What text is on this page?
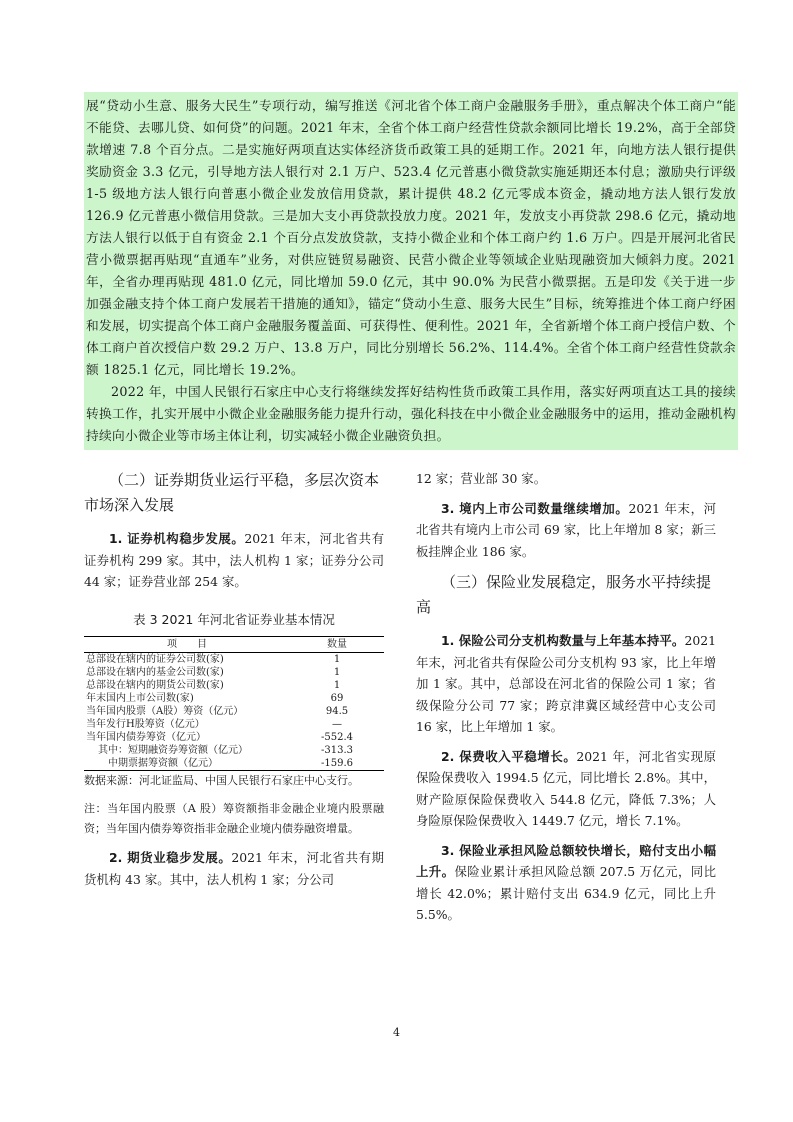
展“贷动小生意、服务大民生”专项行动，编写推送《河北省个体工商户金融服务手册》，重点解决个体工商户“能不能贷、去哪儿贷、如何贷”的问题。2021 年末，全省个体工商户经营性贷款余额同比增长 19.2%，高于全部贷款增速 7.8 个百分点。二是实施好两项直达实体经济货币政策工具的延期工作。2021 年，向地方法人银行提供奖励资金 3.3 亿元，引导地方法人银行对 2.1 万户、523.4 亿元普惠小微贷款实施延期还本付息；激励央行评级 1-5 级地方法人银行向普惠小微企业发放信用贷款，累计提供 48.2 亿元零成本资金，撬动地方法人银行发放 126.9 亿元普惠小微信用贷款。三是加大支小再贷款投放力度。2021 年，发放支小再贷款 298.6 亿元，撬动地方法人银行以低于自有资金 2.1 个百分点发放贷款，支持小微企业和个体工商户约 1.6 万户。四是开展河北省民营小微票据再贴现“直通车”业务，对供应链贸易融资、民营小微企业等领域企业贴现融资加大倾斜力度。2021 年，全省办理再贴现 481.0 亿元，同比增加 59.0 亿元，其中 90.0% 为民营小微票据。五是印发《关于进一步加强金融支持个体工商户发展若干措施的通知》，锚定“贷动小生意、服务大民生”目标，统筹推进个体工商户纾困和发展，切实提高个体工商户金融服务覆盖面、可获得性、便利性。2021 年，全省新增个体工商户授信户数、个体工商户首次授信户数 29.2 万户、13.8 万户，同比分别增长 56.2%、114.4%。全省个体工商户经营性贷款余额 1825.1 亿元，同比增长 19.2%。

2022 年，中国人民银行石家庄中心支行将继续发挥好结构性货币政策工具作用，落实好两项直达工具的接续转换工作，扎实开展中小微企业金融服务能力提升行动，强化科技在中小微企业金融服务中的运用，推动金融机构持续向小微企业等市场主体让利，切实减轻小微企业融资负担。

（二）证券期货业运行平稳，多层次资本市场深入发展

1. 证券机构稳步发展。2021 年末，河北省共有证券机构 299 家。其中，法人机构 1 家；证券分公司 44 家；证券营业部 254 家。

表 3 2021 年河北省证券业基本情况
项　　目	数量
总部设在辖内的证券公司数(家)	1
总部设在辖内的基金公司数(家)	1
总部设在辖内的期货公司数(家)	1
年末国内上市公司数(家)	69
当年国内股票（A股）筹资（亿元）	94.5
当年发行H股筹资（亿元）	—
当年国内债券筹资（亿元）	-552.4
其中：短期融资券筹资额（亿元）	-313.3
中期票据筹资额（亿元）	-159.6

数据来源：河北证监局、中国人民银行石家庄中心支行。

注：当年国内股票（A 股）筹资额指非金融企业境内股票融资；当年国内债券筹资指非金融企业境内债券融资增量。

2. 期货业稳步发展。2021 年末，河北省共有期货机构 43 家。其中，法人机构 1 家；分公司

12 家；营业部 30 家。

3. 境内上市公司数量继续增加。2021 年末，河北省共有境内上市公司 69 家，比上年增加 8 家；新三板挂牌企业 186 家。

（三）保险业发展稳定，服务水平持续提高

1. 保险公司分支机构数量与上年基本持平。2021 年末，河北省共有保险公司分支机构 93 家，比上年增加 1 家。其中，总部设在河北省的保险公司 1 家；省级保险分公司 77 家；跨京津冀区域经营中心支公司 16 家，比上年增加 1 家。

2. 保费收入平稳增长。2021 年，河北省实现原保险保费收入 1994.5 亿元，同比增长 2.8%。其中，财产险原保险保费收入 544.8 亿元，降低 7.3%；人身险原保险保费收入 1449.7 亿元，增长 7.1%。

3. 保险业承担风险总额较快增长，赔付支出小幅上升。保险业累计承担风险总额 207.5 万亿元，同比增长 42.0%；累计赔付支出 634.9 亿元，同比上升 5.5%。

4
